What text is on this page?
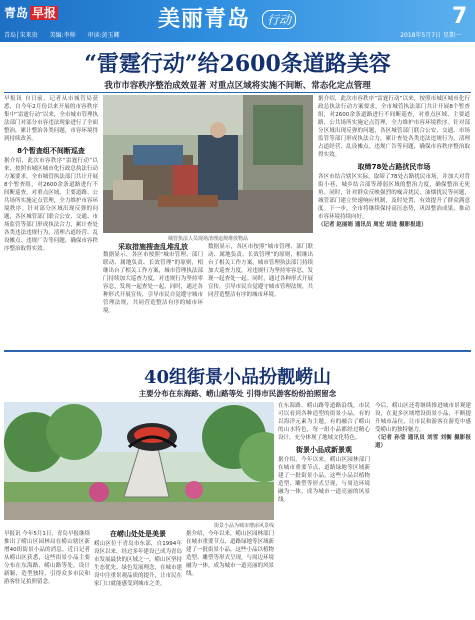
青岛 早报	美丽青岛	行动	7
青岛│宋来贵 美编:李帅 审读:黄玉卿	2018年5月7日 星期一
“雷霆行动”给2600条道路美容
我市市容秩序整治成效显著 对重点区域将实施不间断、常态化定点管理
早报讯 自日前，记者从市城管局获悉，自今年2月份以来开展的市容秩序集中“雷霆行动”以来，全市城市管理执法部门对部分市容违法现象进行了全面整治，累计整治各类问题，市容环境得到持续改善。
8个暂查组不间断巡查
据介绍，此次市容秩序“雷霆行动”以来，按照市城区城市化行政总执法行动方案要求，全市城管执法部门共计开展8个暂查组，对2600余条道路进行不间断巡查，对重点区域、主要道路、公共场所实施定点管理，全力维护市容环境秩序。针对部分区域出现反弹的问题，各区城管部门联合公安、交通、市场监管等部门形成执法合力，累计查处各类违法违规行为，清理占道经营、乱设摊点、违规广告等问题，确保市容秩序整治取得实效。
城管执法人员现场清理违规堆放物品
采取措施搜查乱堆乱放
数据显示，各区市按照“城市管理、部门联动、属地负责、长效管理”的原则，相继出台了相关工作方案，城市管理执法部门持续加大巡查力度，对违规行为坚持零容忍，发现一起查处一起。同时，通过各种形式开展宣传，引导市民自觉遵守城市管理法规，共同营造整洁有序的城市环境。
数据显示，各区市按照“城市管理、部门联动、属地负责、长效管理”的原则，相继出台了相关工作方案，城市管理执法部门持续加大巡查力度，对违规行为坚持零容忍，发现一起查处一起。同时，通过各种形式开展宣传，引导市民自觉遵守城市管理法规，共同营造整洁有序的城市环境。
据介绍，此次市容秩序“雷霆行动”以来，按照市城区城市化行政总执法行动方案要求，全市城管执法部门共计开展8个暂查组，对2600余条道路进行不间断巡查，对重点区域、主要道路、公共场所实施定点管理，全力维护市容环境秩序。针对部分区域出现反弹的问题，各区城管部门联合公安、交通、市场监管等部门形成执法合力，累计查处各类违法违规行为，清理占道经营、乱设摊点、违规广告等问题，确保市容秩序整治取得实效。
取缔78处占路扰民市场
各区市结合辖区实际，取缔了78处占路扰民市场，并加大对背街小巷、城乡结合部等薄弱区域的整治力度，确保整治无死角。同时，针对群众反映强烈的噪音扰民、油烟扰民等问题，城管部门建立快速响应机制，及时处置，有效提升了群众满意度。下一步，全市将继续保持高压态势，巩固整治成果，推动市容环境持续向好。
（记者 赵丽娟 通讯员 周宏 胡进 摄影报道）
40组街景小品扮靓崂山
主要分布在东海路、崂山路等处 引得市民游客纷纷拍照留念
街景小品为城市增添风景线
在东海路、崂山路等道路沿线，市民可以看到各种造型的街景小品，有的以海洋元素为主题，有的融合了崂山的山水特色，每一组小品都经过精心设计，充分体现了地域文化特色。
街景小品成新景观
据介绍，今年以来，崂山区园林部门在城市重要节点、道路绿地等区域新建了一批街景小品，这些小品以植物造型、雕塑等形式呈现，与周边环境融为一体，成为城市一道亮丽的风景线。
今后，崂山区还将继续推进城市景观建设，在更多区域增设街景小品，不断提升城市品位，让市民和游客在游览中感受崂山的独特魅力。
（记者 孙莹 通讯员 刘雪 刘衡 摄影报道）
早报讯 今年5月1日，青岛早报继续推出了崂山区园林局在崂山辖区新增40组街景小品的消息。近日记者从崂山区获悉，这些街景小品主要分布在东海路、崂山路等处，设计新颖、造型独特，引得众多市民和游客驻足拍照留念。
在崂山处处是美景
崂山区位于青岛市东部，自1994年设区以来，经过多年建设已成为青岛市发展最快的区域之一。崂山区坚持生态优先、绿色发展理念，在城市建设中注重景观品质的提升，让市民在家门口就能感受到城市之美。
据介绍，今年以来，崂山区园林部门在城市重要节点、道路绿地等区域新建了一批街景小品，这些小品以植物造型、雕塑等形式呈现，与周边环境融为一体，成为城市一道亮丽的风景线。
